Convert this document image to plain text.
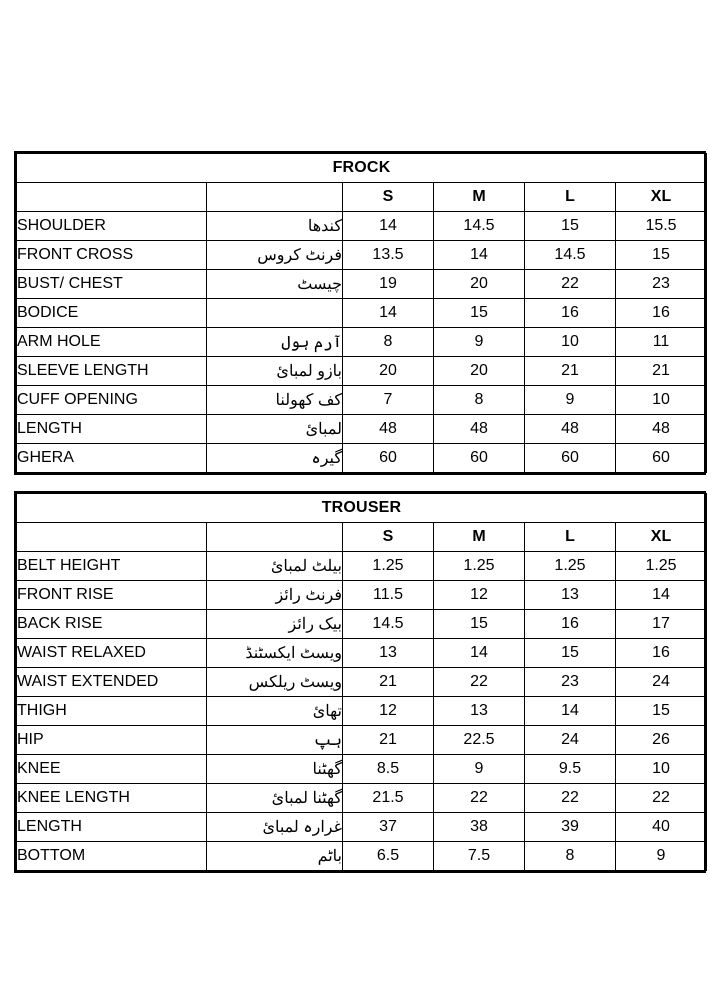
FROCK					
		S	M	L	XL
SHOULDER	کندھا	14	14.5	15	15.5
FRONT CROSS	فرنٹ کروس	13.5	14	14.5	15
BUST/ CHEST	چیسٹ	19	20	22	23
BODICE		14	15	16	16
ARM HOLE	آرم ہول	8	9	10	11
SLEEVE LENGTH	بازو لمبائ	20	20	21	21
CUFF OPENING	کف کھولنا	7	8	9	10
LENGTH	لمبائ	48	48	48	48
GHERA	گیرہ	60	60	60	60
TROUSER					
		S	M	L	XL
BELT HEIGHT	بیلٹ لمبائ	1.25	1.25	1.25	1.25
FRONT RISE	فرنٹ رائز	11.5	12	13	14
BACK RISE	بیک رائز	14.5	15	16	17
WAIST RELAXED	ویسٹ ایکسٹنڈ	13	14	15	16
WAIST EXTENDED	ویسٹ ریلکس	21	22	23	24
THIGH	تھائ	12	13	14	15
HIP	ہپ	21	22.5	24	26
KNEE	گھٹنا	8.5	9	9.5	10
KNEE LENGTH	گھٹنا لمبائ	21.5	22	22	22
LENGTH	غرارہ لمبائ	37	38	39	40
BOTTOM	باٹم	6.5	7.5	8	9
